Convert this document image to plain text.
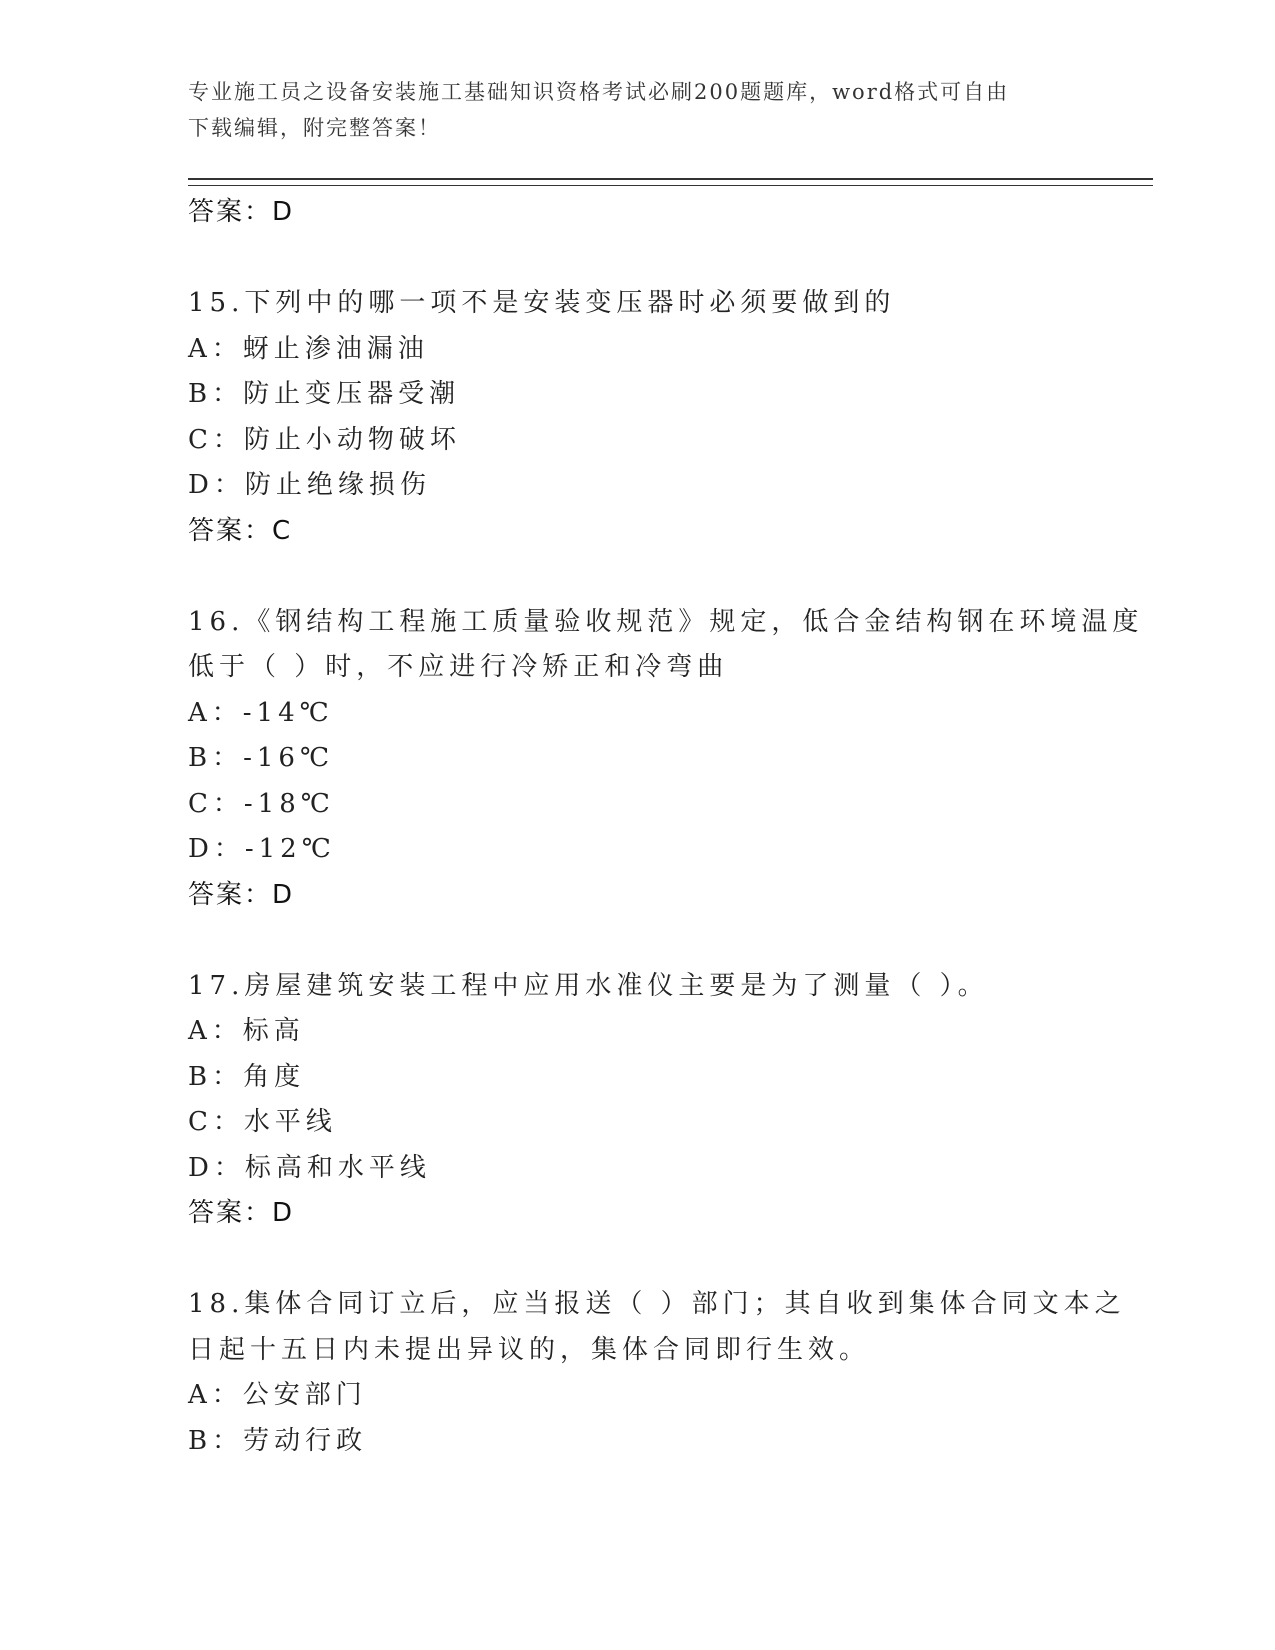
专业施工员之设备安装施工基础知识资格考试必刷200题题库，word格式可自由
下载编辑，附完整答案！
答案：D
15.下列中的哪一项不是安装变压器时必须要做到的
A：蚜止渗油漏油
B：防止变压器受潮
C：防止小动物破坏
D：防止绝缘损伤
答案：C
16.《钢结构工程施工质量验收规范》规定，低合金结构钢在环境温度
低于（ ）时，不应进行冷矫正和冷弯曲
A：-14℃
B：-16℃
C：-18℃
D：-12℃
答案：D
17.房屋建筑安装工程中应用水准仪主要是为了测量（ ）。
A：标高
B：角度
C：水平线
D：标高和水平线
答案：D
18.集体合同订立后，应当报送（ ）部门；其自收到集体合同文本之
日起十五日内未提出异议的，集体合同即行生效。
A：公安部门
B：劳动行政
